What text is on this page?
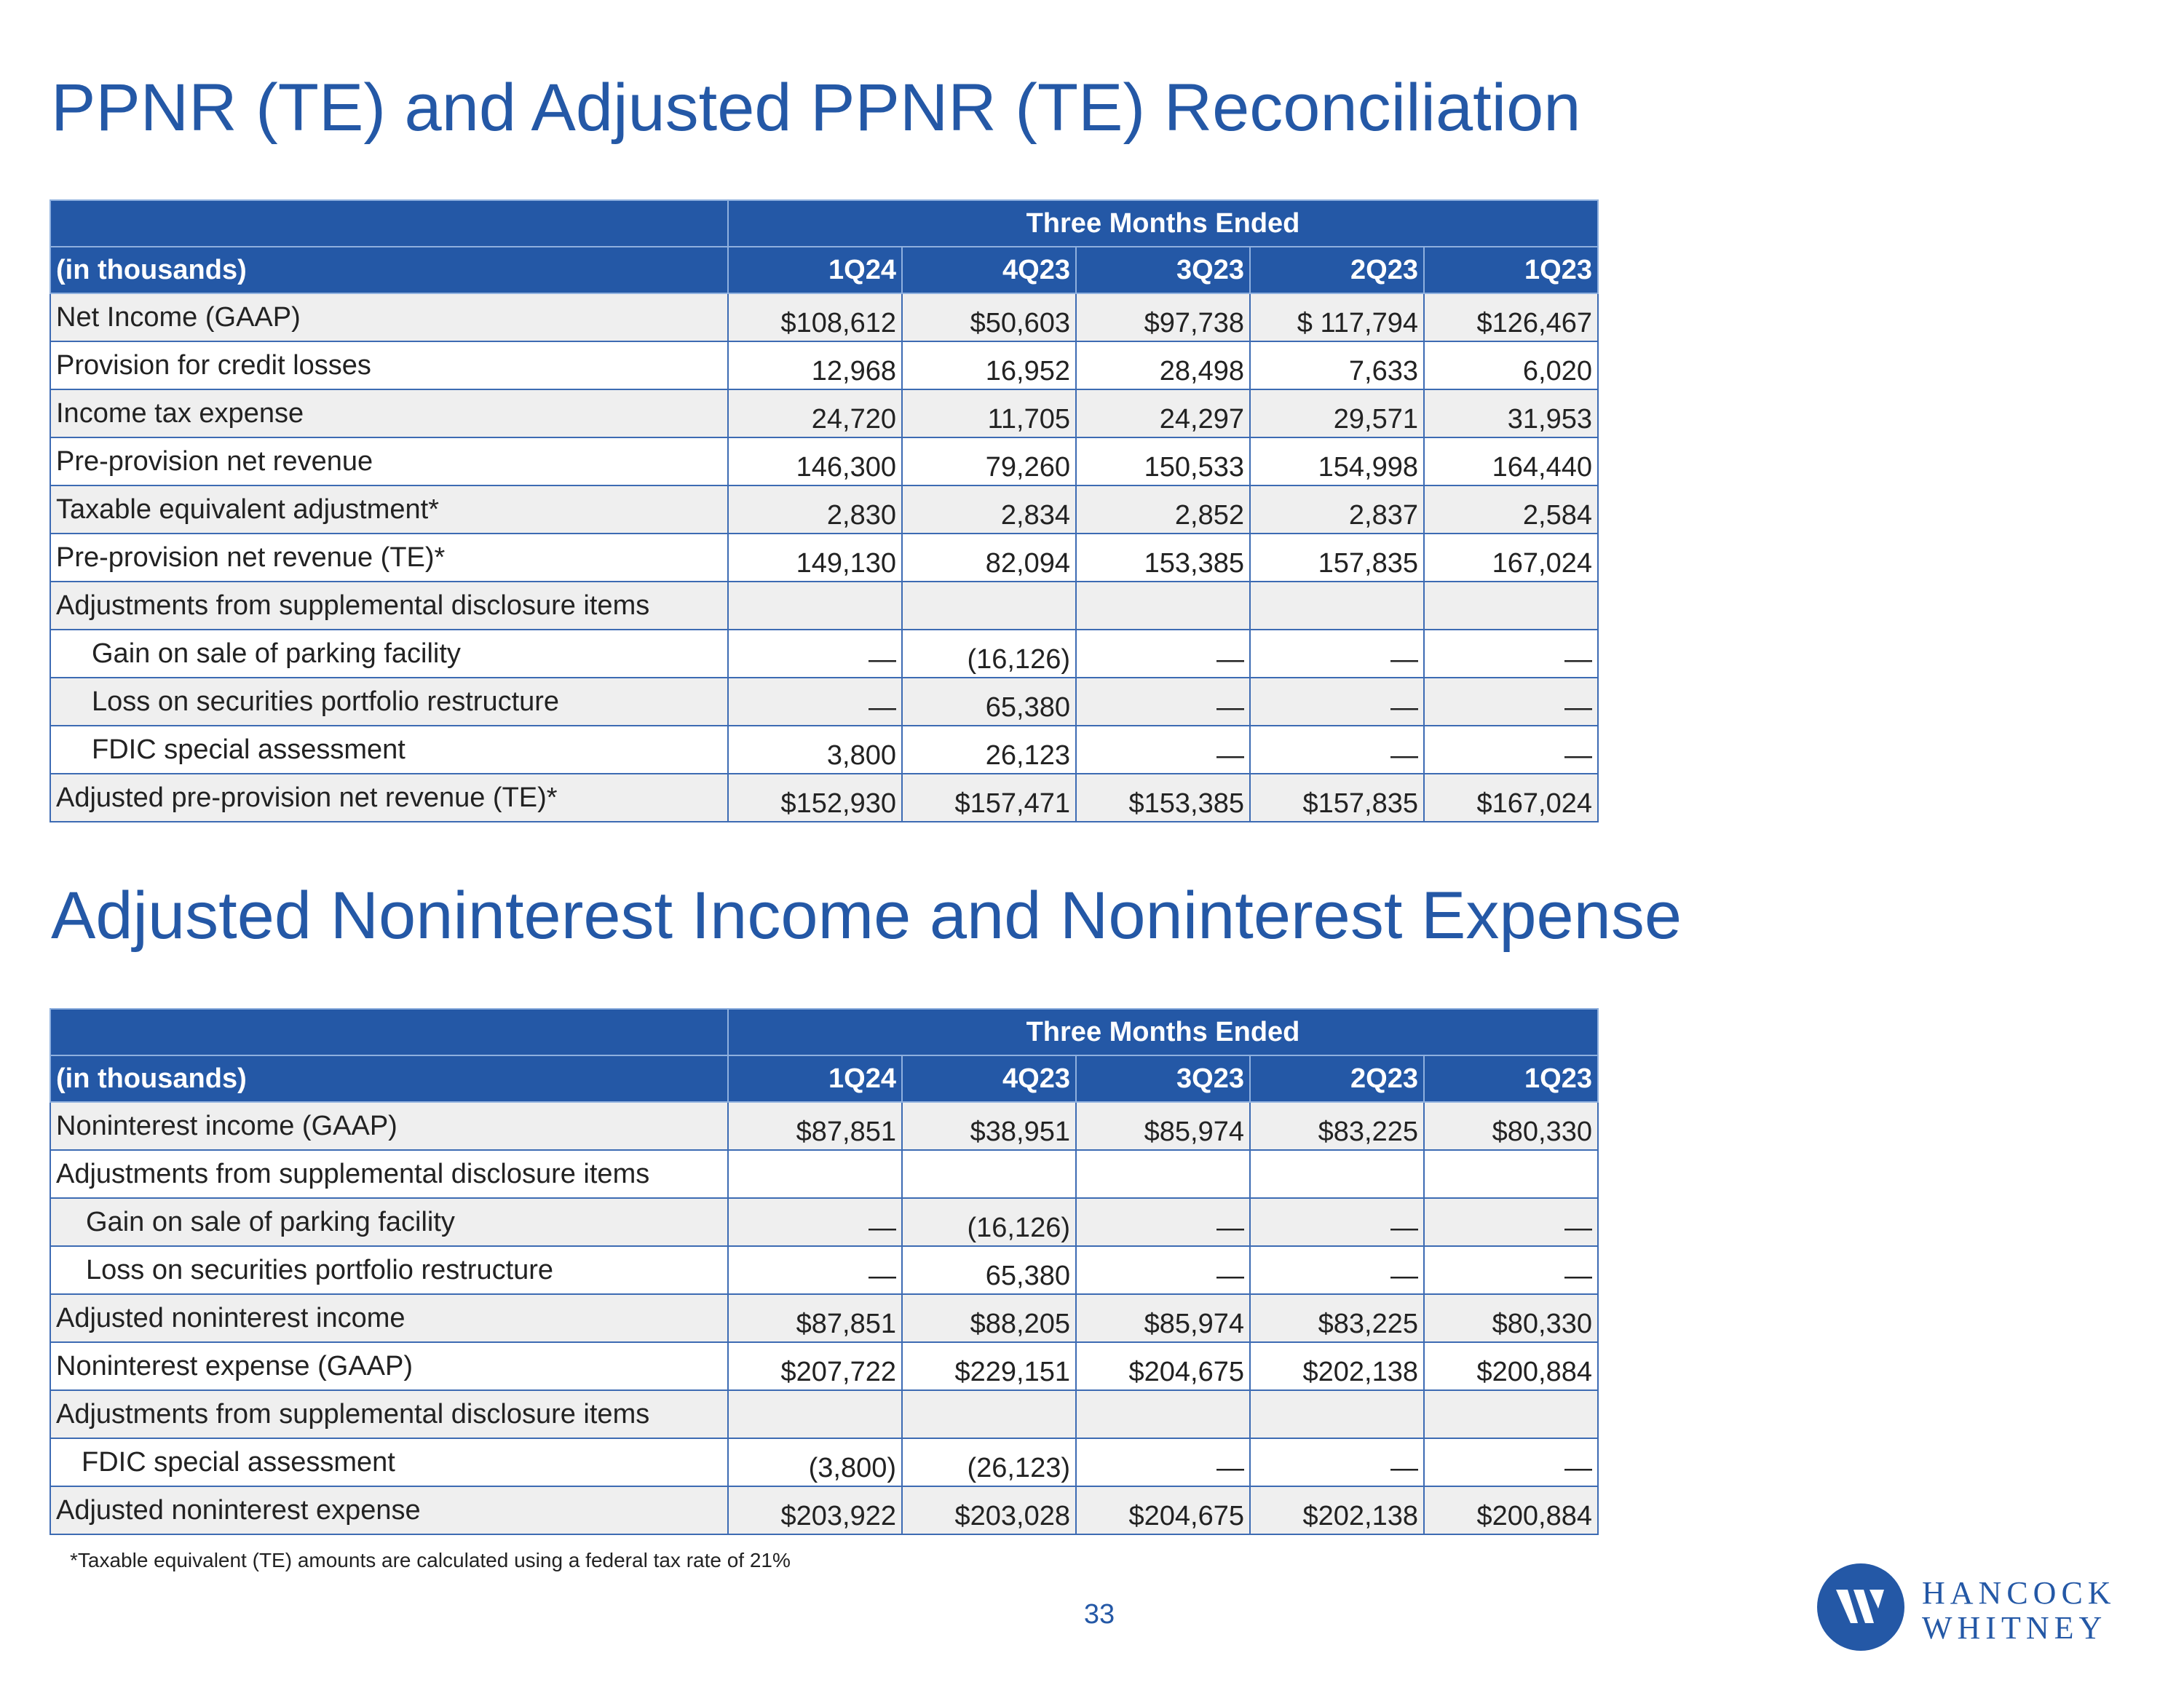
PPNR (TE) and Adjusted PPNR (TE) Reconciliation
	Three Months Ended				
(in thousands)	1Q24	4Q23	3Q23	2Q23	1Q23
Net Income (GAAP)	$108,612	$50,603	$97,738	$ 117,794	$126,467
Provision for credit losses	12,968	16,952	28,498	7,633	6,020
Income tax expense	24,720	11,705	24,297	29,571	31,953
Pre-provision net revenue	146,300	79,260	150,533	154,998	164,440
Taxable equivalent adjustment*	2,830	2,834	2,852	2,837	2,584
Pre-provision net revenue (TE)*	149,130	82,094	153,385	157,835	167,024
Adjustments from supplemental disclosure items					
Gain on sale of parking facility	—	(16,126)	—	—	—
Loss on securities portfolio restructure	—	65,380	—	—	—
FDIC special assessment	3,800	26,123	—	—	—
Adjusted pre-provision net revenue (TE)*	$152,930	$157,471	$153,385	$157,835	$167,024
Adjusted Noninterest Income and Noninterest Expense
	Three Months Ended				
(in thousands)	1Q24	4Q23	3Q23	2Q23	1Q23
Noninterest income (GAAP)	$87,851	$38,951	$85,974	$83,225	$80,330
Adjustments from supplemental disclosure items					
Gain on sale of parking facility	—	(16,126)	—	—	—
Loss on securities portfolio restructure	—	65,380	—	—	—
Adjusted noninterest income	$87,851	$88,205	$85,974	$83,225	$80,330
Noninterest expense (GAAP)	$207,722	$229,151	$204,675	$202,138	$200,884
Adjustments from supplemental disclosure items					
FDIC special assessment	(3,800)	(26,123)	—	—	—
Adjusted noninterest expense	$203,922	$203,028	$204,675	$202,138	$200,884
*Taxable equivalent (TE) amounts are calculated using a federal tax rate of 21%
33
HANCOCK
WHITNEY
